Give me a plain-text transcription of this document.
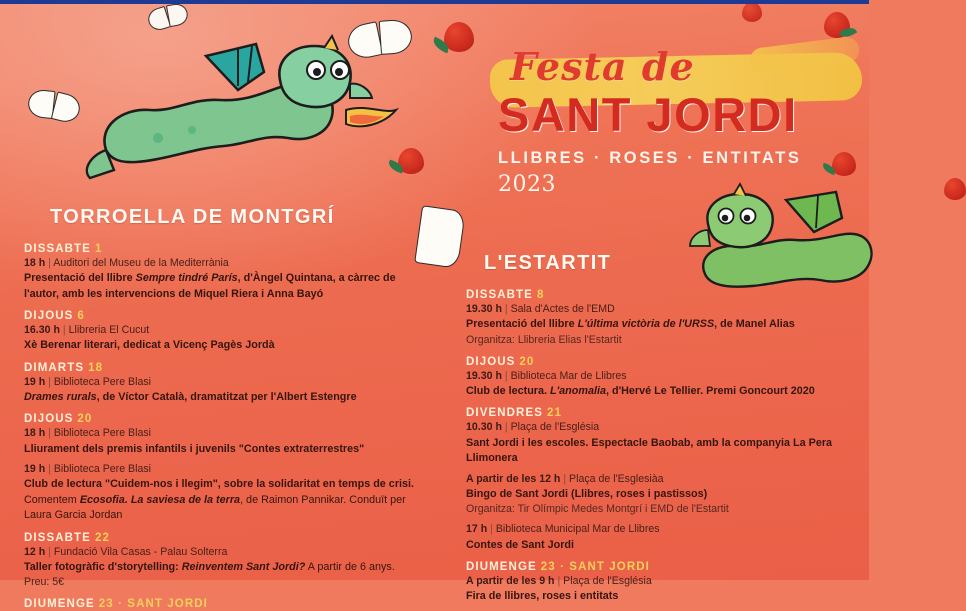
Festa de
SANT JORDI
LLIBRES · ROSES · ENTITATS
2023
TORROELLA DE MONTGRÍ
DISSABTE 1

18 h | Auditori del Museu de la Mediterrània

Presentació del llibre Sempre tindré París, d'Àngel Quintana, a càrrec de

l'autor, amb les intervencions de Miquel Riera i Anna Bayó

DIJOUS 6

16.30 h | Llibreria El Cucut

Xè Berenar literari, dedicat a Vicenç Pagès Jordà

DIMARTS 18

19 h | Biblioteca Pere Blasi

Drames rurals, de Víctor Català, dramatitzat per l'Albert Estengre

DIJOUS 20

18 h | Biblioteca Pere Blasi

Lliurament dels premis infantils i juvenils "Contes extraterrestres"

19 h | Biblioteca Pere Blasi

Club de lectura "Cuidem-nos i llegim", sobre la solidaritat en temps de crisi.

Comentem Ecosofia. La saviesa de la terra, de Raimon Pannikar. Conduït per

Laura Garcia Jordan

DISSABTE 22

12 h | Fundació Vila Casas - Palau Solterra

Taller fotogràfic d'storytelling: Reinventem Sant Jordi? A partir de 6 anys.

Preu: 5€

DIUMENGE 23 · SANT JORDI
L'ESTARTIT
DISSABTE 8

19.30 h | Sala d'Actes de l'EMD

Presentació del llibre L'última victòria de l'URSS, de Manel Alias

Organitza: Llibreria Elias l'Estartit

DIJOUS 20

19.30 h | Biblioteca Mar de Llibres

Club de lectura. L'anomalia, d'Hervé Le Tellier. Premi Goncourt 2020

DIVENDRES 21

10.30 h | Plaça de l'Església

Sant Jordi i les escoles. Espectacle Baobab, amb la companyia La Pera

Llimonera

A partir de les 12 h | Plaça de l'Esglesiàa

Bingo de Sant Jordi (Llibres, roses i pastissos)

Organitza: Tir Olímpic Medes Montgrí i EMD de l'Estartit

17 h | Biblioteca Municipal Mar de Llibres

Contes de Sant Jordi

DIUMENGE 23 · SANT JORDI

A partir de les 9 h | Plaça de l'Església

Fira de llibres, roses i entitats
